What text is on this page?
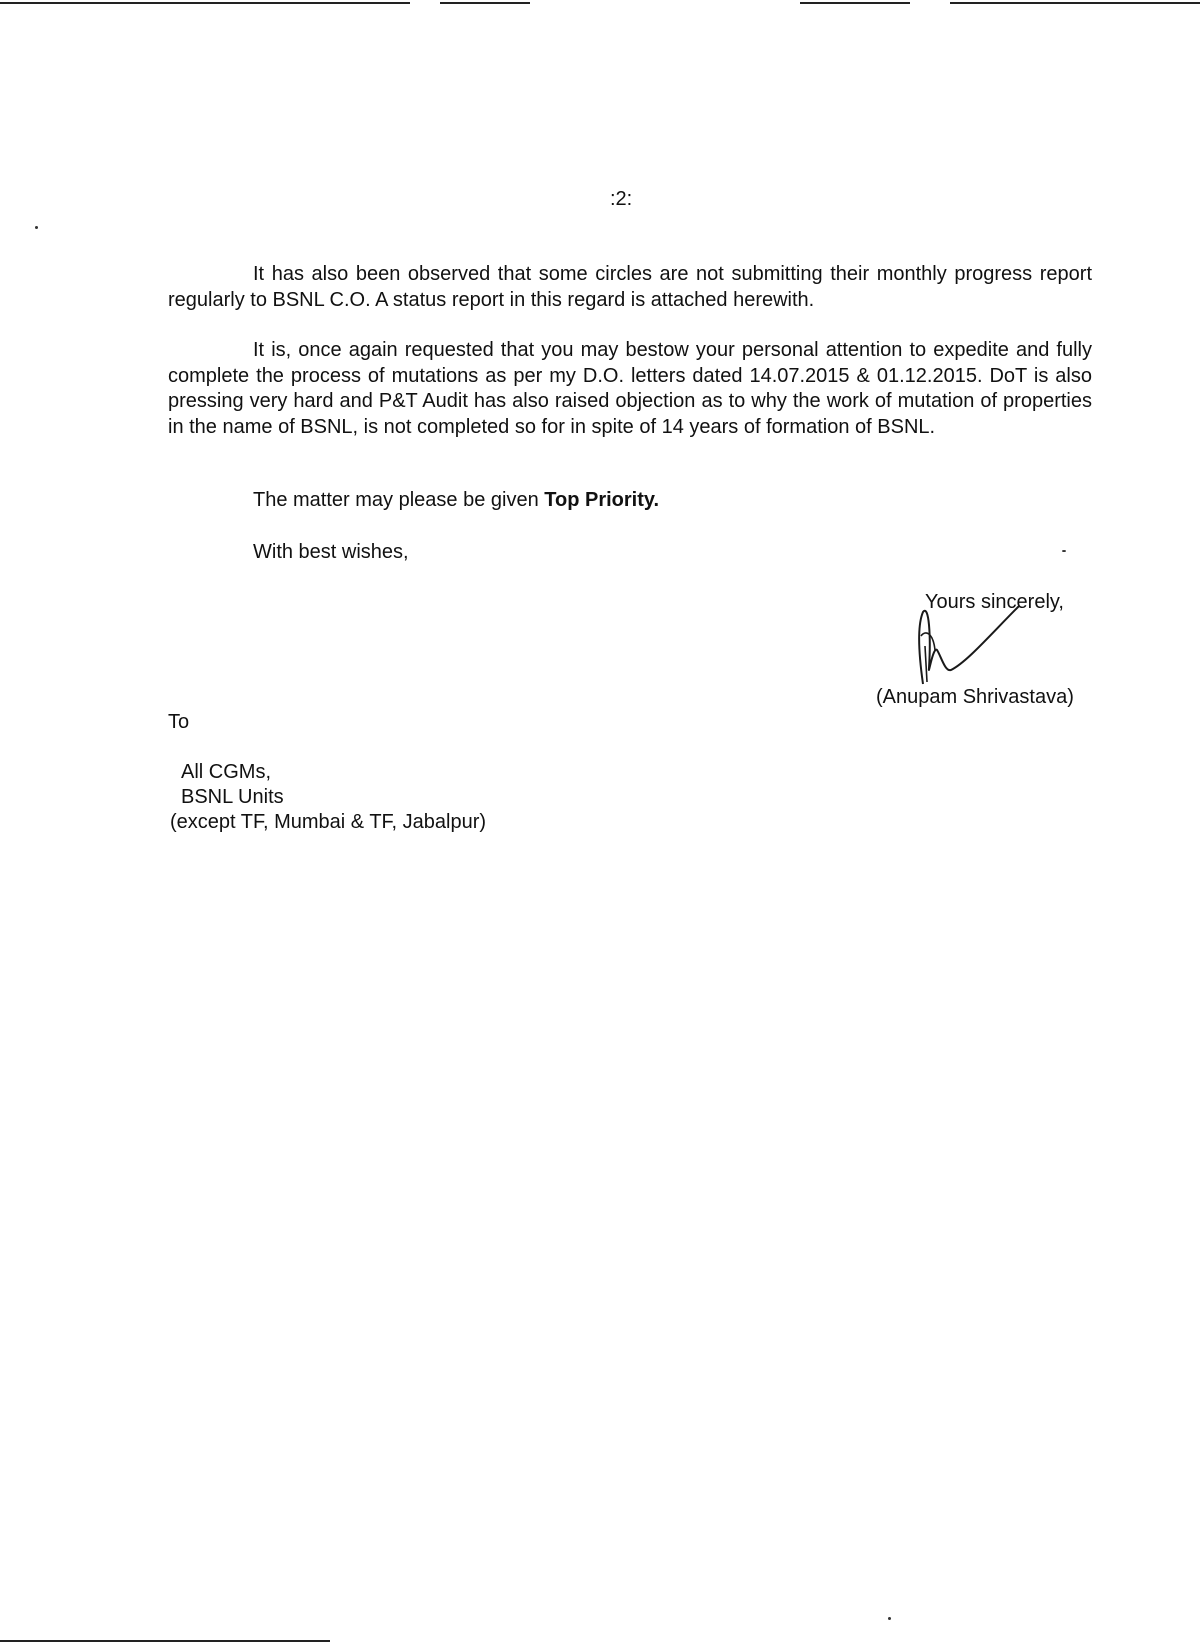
:2:

It has also been observed that some circles are not submitting their monthly progress report regularly to BSNL C.O. A status report in this regard is attached herewith.

It is, once again requested that you may bestow your personal attention to expedite and fully complete the process of mutations as per my D.O. letters dated 14.07.2015 & 01.12.2015. DoT is also pressing very hard and P&T Audit has also raised objection as to why the work of mutation of properties in the name of BSNL, is not completed so for in spite of 14 years of formation of BSNL.

The matter may please be given Top Priority.

With best wishes,

Yours sincerely,

(Anupam Shrivastava)

To

All CGMs,

BSNL Units

(except TF, Mumbai & TF, Jabalpur)
